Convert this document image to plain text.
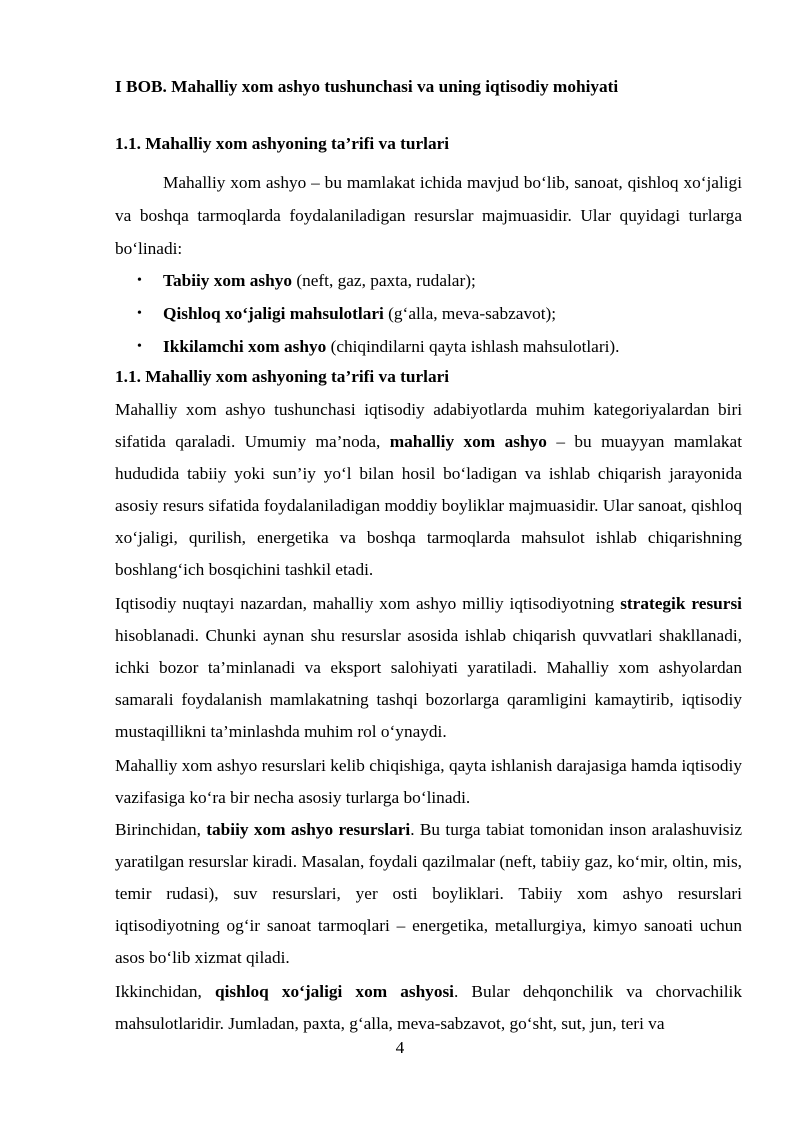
I BOB. Mahalliy xom ashyo tushunchasi va uning iqtisodiy mohiyati
1.1. Mahalliy xom ashyoning ta’rifi va turlari
Mahalliy xom ashyo – bu mamlakat ichida mavjud bo‘lib, sanoat, qishloq xo‘jaligi va boshqa tarmoqlarda foydalaniladigan resurslar majmuasidir. Ular quyidagi turlarga bo‘linadi:
• Tabiiy xom ashyo (neft, gaz, paxta, rudalar);
• Qishloq xo‘jaligi mahsulotlari (g‘alla, meva-sabzavot);
• Ikkilamchi xom ashyo (chiqindilarni qayta ishlash mahsulotlari).
1.1. Mahalliy xom ashyoning ta’rifi va turlari
Mahalliy xom ashyo tushunchasi iqtisodiy adabiyotlarda muhim kategoriyalardan biri sifatida qaraladi. Umumiy ma’noda, mahalliy xom ashyo – bu muayyan mamlakat hududida tabiiy yoki sun’iy yo‘l bilan hosil bo‘ladigan va ishlab chiqarish jarayonida asosiy resurs sifatida foydalaniladigan moddiy boyliklar majmuasidir. Ular sanoat, qishloq xo‘jaligi, qurilish, energetika va boshqa tarmoqlarda mahsulot ishlab chiqarishning boshlang‘ich bosqichini tashkil etadi.
Iqtisodiy nuqtayi nazardan, mahalliy xom ashyo milliy iqtisodiyotning strategik resursi hisoblanadi. Chunki aynan shu resurslar asosida ishlab chiqarish quvvatlari shakllanadi, ichki bozor ta’minlanadi va eksport salohiyati yaratiladi. Mahalliy xom ashyolardan samarali foydalanish mamlakatning tashqi bozorlarga qaramligini kamaytirib, iqtisodiy mustaqillikni ta’minlashda muhim rol o‘ynaydi.
Mahalliy xom ashyo resurslari kelib chiqishiga, qayta ishlanish darajasiga hamda iqtisodiy vazifasiga ko‘ra bir necha asosiy turlarga bo‘linadi.
Birinchidan, tabiiy xom ashyo resurslari. Bu turga tabiat tomonidan inson aralashuvisiz yaratilgan resurslar kiradi. Masalan, foydali qazilmalar (neft, tabiiy gaz, ko‘mir, oltin, mis, temir rudasi), suv resurslari, yer osti boyliklari. Tabiiy xom ashyo resurslari iqtisodiyotning og‘ir sanoat tarmoqlari – energetika, metallurgiya, kimyo sanoati uchun asos bo‘lib xizmat qiladi.
Ikkinchidan, qishloq xo‘jaligi xom ashyosi. Bular dehqonchilik va chorvachilik mahsulotlaridir. Jumladan, paxta, g‘alla, meva-sabzavot, go‘sht, sut, jun, teri va
4
